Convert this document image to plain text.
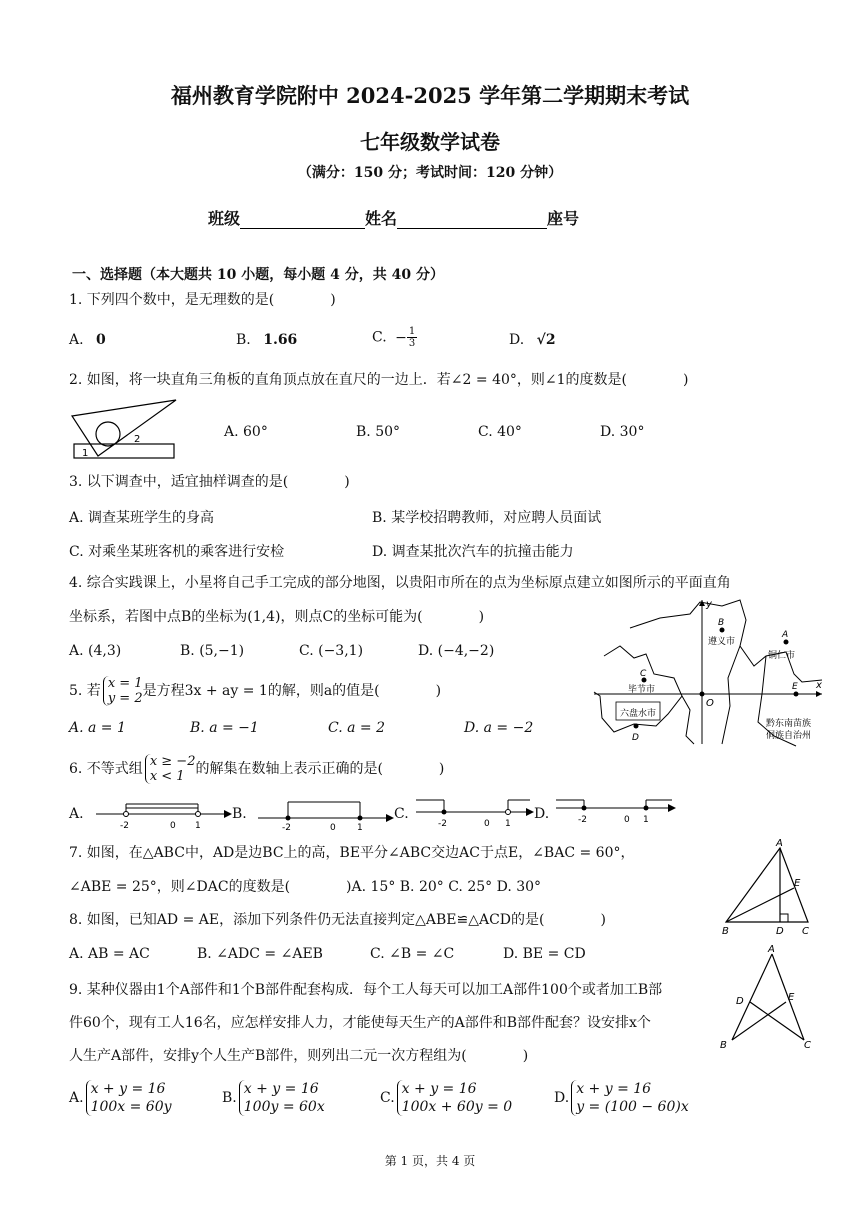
福州教育学院附中 2024-2025 学年第二学期期末考试
七年级数学试卷
（满分：150 分；考试时间：120 分钟）
班级	姓名	座号
一、选择题（本大题共 10 小题，每小题 4 分，共 40 分）
1. 下列四个数中，是无理数的是(　　　　)
A. 0	B. 1.66	C. − $\frac{1}{3}$	D. √2
2. 如图，将一块直角三角板的直角顶点放在直尺的一边上．若∠2 = 40°，则∠1的度数是(　　　　)
1
2	A. 60°	B. 50°	C. 40°	D. 30°
3. 以下调查中，适宜抽样调查的是(　　　　)
A. 调查某班学生的身高	B. 某学校招聘教师，对应聘人员面试
C. 对乘坐某班客机的乘客进行安检	D. 调查某批次汽车的抗撞击能力
4. 综合实践课上，小星将自己手工完成的部分地图，以贵阳市所在的点为坐标原点建立如图所示的平面直角
坐标系，若图中点B的坐标为(1,4)，则点C的坐标可能为(　　　　)
A. (4,3)	B. (5,−1)	C. (−3,1)	D. (−4,−2)
y
x
O
B
遵义市
A
铜仁市
C
毕节市
六盘水市
D
E
黔东南苗族
侗族自治州
5. 若 x = 1
y = 2 是方程3x + ay = 1的解，则a的值是(　　　　)
A. a = 1	B. a = −1	C. a = 2	D. a = −2
6. 不等式组 x ≥ −2
x < 1 的解集在数轴上表示正确的是(　　　　)
A.
-2	0 1
B.
-2	0 1
C.
-2	0 1
D.	-2	0 1
7. 如图，在△ABC中，AD是边BC上的高，BE平分∠ABC交边AC于点E，∠BAC = 60°，
∠ABE = 25°，则∠DAC的度数是(　　　　)A. 15° B. 20° C. 25° D. 30°
A
B	C
D
E
8. 如图，已知AD = AE，添加下列条件仍无法直接判定△ABE≌△ACD的是(　　　　)
A. AB = AC	B. ∠ADC = ∠AEB	C. ∠B = ∠C	D. BE = CD	A
B	C
D	E
9. 某种仪器由1个A部件和1个B部件配套构成．每个工人每天可以加工A部件100个或者加工B部
件60个，现有工人16名，应怎样安排人力，才能使每天生产的A部件和B部件配套？设安排x个
人生产A部件，安排y个人生产B部件，则列出二元一次方程组为(　　　　)
A.
x + y = 16
100x = 60y
B.
x + y = 16
100y = 60x
C.
x + y = 16
100x + 60y = 0
D.
x + y = 16
y = (100 − 60)x
第 1 页，共 4 页
